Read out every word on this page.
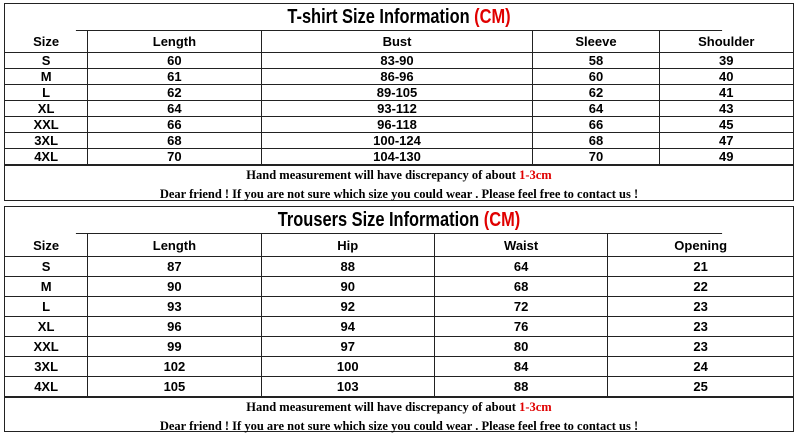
T-shirt Size Information (CM)
Size	Length	Bust	Sleeve	Shoulder
S	60	83-90	58	39
M	61	86-96	60	40
L	62	89-105	62	41
XL	64	93-112	64	43
XXL	66	96-118	66	45
3XL	68	100-124	68	47
4XL	70	104-130	70	49
Hand measurement will have discrepancy of about 1-3cm
Dear friend ! If you are not sure which size you could wear . Please feel free to contact us !
Trousers Size Information (CM)
Size	Length	Hip	Waist	Opening
S	87	88	64	21
M	90	90	68	22
L	93	92	72	23
XL	96	94	76	23
XXL	99	97	80	23
3XL	102	100	84	24
4XL	105	103	88	25
Hand measurement will have discrepancy of about 1-3cm
Dear friend ! If you are not sure which size you could wear . Please feel free to contact us !
